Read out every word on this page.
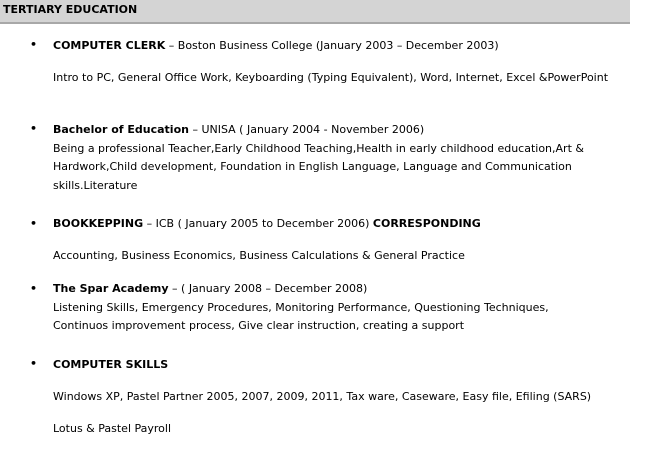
TERTIARY EDUCATION
• COMPUTER CLERK – Boston Business College (January 2003 – December 2003)
Intro to PC, General Office Work, Keyboarding (Typing Equivalent), Word, Internet, Excel &PowerPoint
• Bachelor of Education – UNISA ( January 2004 - November 2006)
Being a professional Teacher,Early Childhood Teaching,Health in early childhood education,Art &
Hardwork,Child development, Foundation in English Language, Language and Communication
skills.Literature
• BOOKKEPPING – ICB ( January 2005 to December 2006) CORRESPONDING
Accounting, Business Economics, Business Calculations & General Practice
• The Spar Academy – ( January 2008 – December 2008)
Listening Skills, Emergency Procedures, Monitoring Performance, Questioning Techniques,
Continuos improvement process, Give clear instruction, creating a support
• COMPUTER SKILLS
Windows XP, Pastel Partner 2005, 2007, 2009, 2011, Tax ware, Caseware, Easy file, Efiling (SARS)
Lotus & Pastel Payroll
